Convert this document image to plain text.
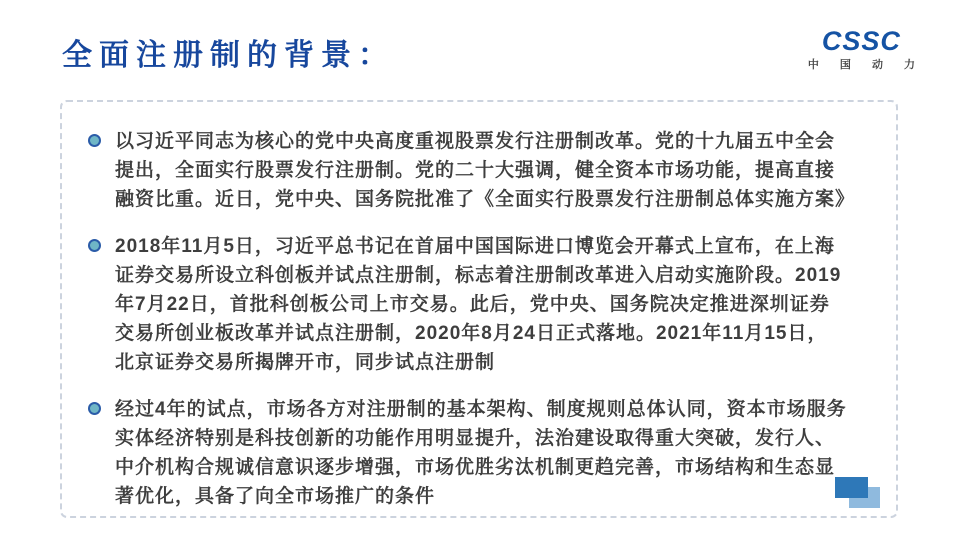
全面注册制的背景：	CSSC
中 国 动 力
以习近平同志为核心的党中央高度重视股票发行注册制改革。党的十九届五中全会
提出，全面实行股票发行注册制。党的二十大强调，健全资本市场功能，提高直接
融资比重。近日，党中央、国务院批准了《全面实行股票发行注册制总体实施方案》
2018年11月5日，习近平总书记在首届中国国际进口博览会开幕式上宣布，在上海
证券交易所设立科创板并试点注册制，标志着注册制改革进入启动实施阶段。2019
年7月22日，首批科创板公司上市交易。此后，党中央、国务院决定推进深圳证券
交易所创业板改革并试点注册制，2020年8月24日正式落地。2021年11月15日，
北京证券交易所揭牌开市，同步试点注册制
经过4年的试点，市场各方对注册制的基本架构、制度规则总体认同，资本市场服务
实体经济特别是科技创新的功能作用明显提升，法治建设取得重大突破，发行人、
中介机构合规诚信意识逐步增强，市场优胜劣汰机制更趋完善，市场结构和生态显
著优化，具备了向全市场推广的条件
